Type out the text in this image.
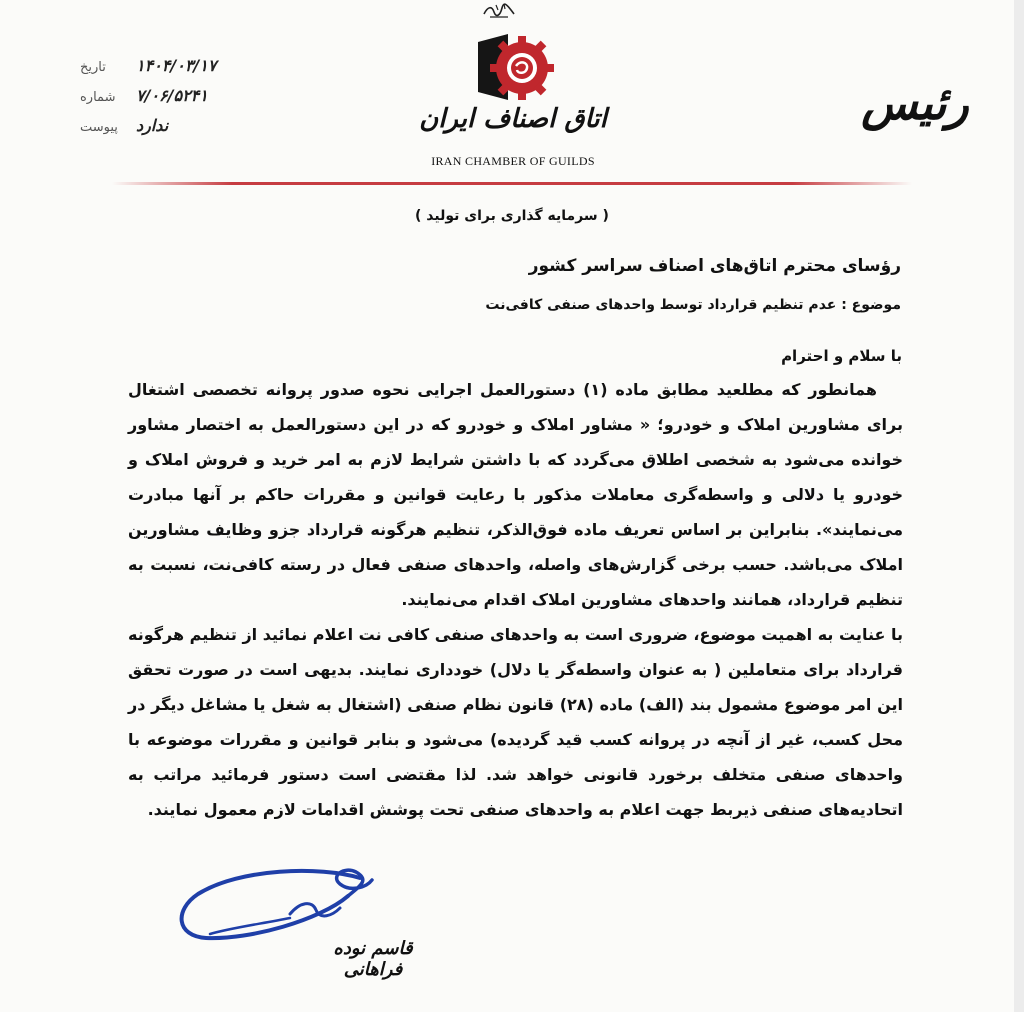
اتاق اصناف ایران
IRAN CHAMBER OF GUILDS
رئیس
تاریخ	۱۴۰۴/۰۳/۱۷
شماره	۷/۰۶/۵۲۴۱
پیوست	ندارد
( سرمایه گذاری برای تولید )
رؤسای محترم اتاق‌های اصناف سراسر کشور
موضوع : عدم تنظیم قرارداد توسط واحدهای صنفی کافی‌نت
با سلام و احترام

همانطور که مطلعید مطابق ماده (۱) دستورالعمل اجرایی نحوه صدور پروانه تخصصی اشتغال برای مشاورین املاک و خودرو؛ « مشاور املاک و خودرو که در این دستورالعمل به اختصار مشاور خوانده می‌شود به شخصی اطلاق می‌گردد که با داشتن شرایط لازم به امر خرید و فروش املاک و خودرو یا دلالی و واسطه‌گری معاملات مذکور با رعایت قوانین و مقررات حاکم بر آنها مبادرت می‌نمایند». بنابراین بر اساس تعریف ماده فوق‌الذکر، تنظیم هرگونه قرارداد جزو وظایف مشاورین املاک می‌باشد. حسب برخی گزارش‌های واصله، واحدهای صنفی فعال در رسته کافی‌نت، نسبت به تنظیم قرارداد، همانند واحدهای مشاورین املاک اقدام می‌نمایند.

با عنایت به اهمیت موضوع، ضروری است به واحدهای صنفی کافی نت اعلام نمائید از تنظیم هرگونه قرارداد برای متعاملین ( به عنوان واسطه‌گر یا دلال) خودداری نمایند. بدیهی است در صورت تحقق این امر موضوع مشمول بند (الف) ماده (۲۸) قانون نظام صنفی (اشتغال به شغل یا مشاغل دیگر در محل کسب، غیر از آنچه در پروانه کسب قید گردیده) می‌شود و بنابر قوانین و مقررات موضوعه با واحدهای صنفی متخلف برخورد قانونی خواهد شد. لذا مقتضی است دستور فرمائید مراتب به اتحادیه‌های صنفی ذیربط جهت اعلام به واحدهای صنفی تحت پوشش اقدامات لازم معمول نمایند.

قاسم نوده فراهانی
